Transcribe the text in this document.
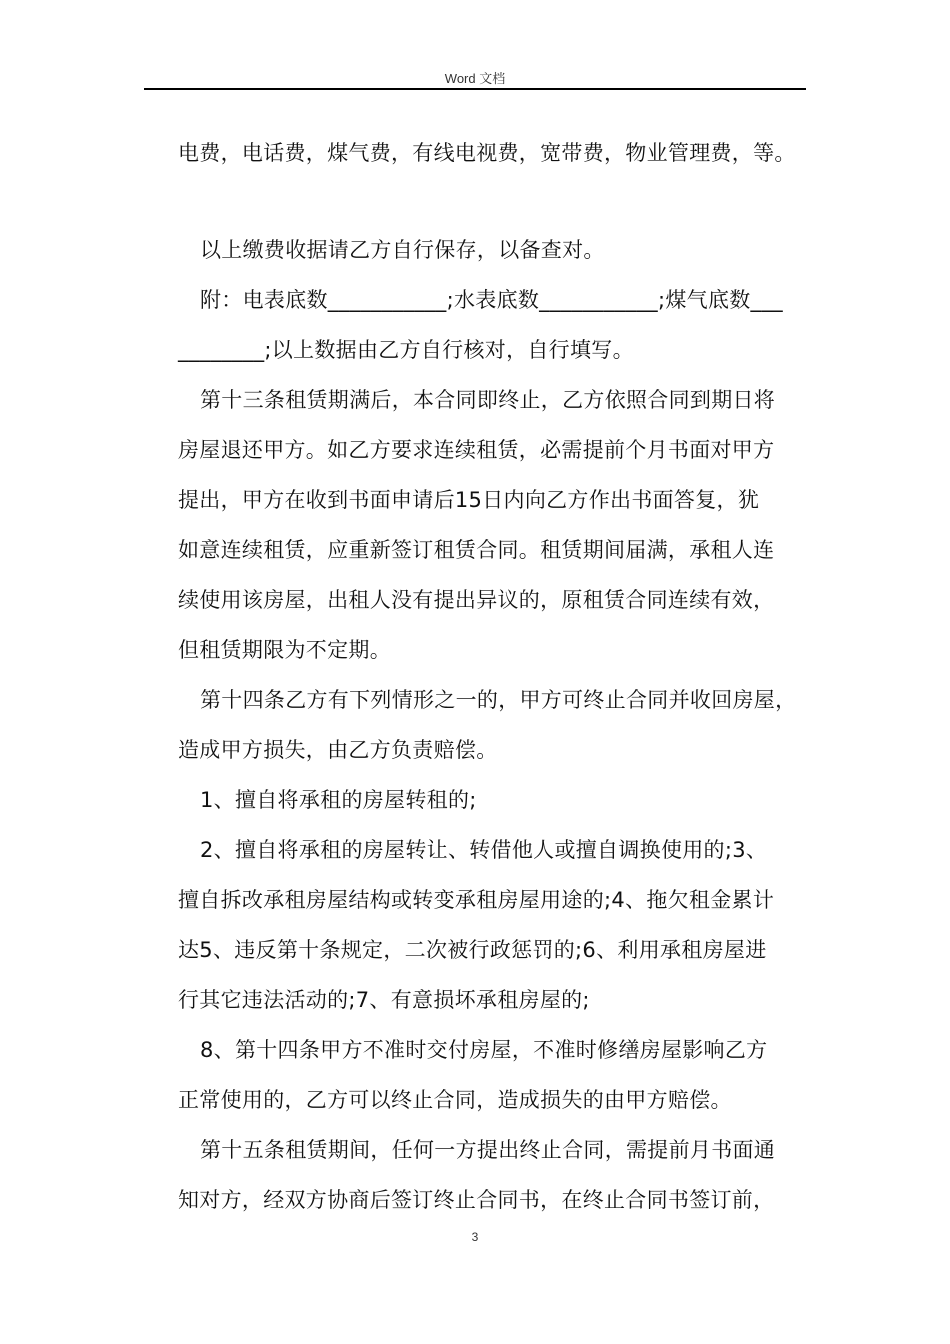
Word 文档
电费，电话费，煤气费，有线电视费，宽带费，物业管理费，等。
以上缴费收据请乙方自行保存，以备查对。
附：电表底数___________;水表底数___________;煤气底数___
________;以上数据由乙方自行核对，自行填写。
第十三条租赁期满后，本合同即终止，乙方依照合同到期日将
房屋退还甲方。如乙方要求连续租赁，必需提前个月书面对甲方
提出，甲方在收到书面申请后15日内向乙方作出书面答复，犹
如意连续租赁，应重新签订租赁合同。租赁期间届满，承租人连
续使用该房屋，出租人没有提出异议的，原租赁合同连续有效，
但租赁期限为不定期。
第十四条乙方有下列情形之一的，甲方可终止合同并收回房屋，
造成甲方损失，由乙方负责赔偿。
1、擅自将承租的房屋转租的;
2、擅自将承租的房屋转让、转借他人或擅自调换使用的;3、
擅自拆改承租房屋结构或转变承租房屋用途的;4、拖欠租金累计
达5、违反第十条规定，二次被行政惩罚的;6、利用承租房屋进
行其它违法活动的;7、有意损坏承租房屋的;
8、第十四条甲方不准时交付房屋，不准时修缮房屋影响乙方
正常使用的，乙方可以终止合同，造成损失的由甲方赔偿。
第十五条租赁期间，任何一方提出终止合同，需提前月书面通
知对方，经双方协商后签订终止合同书，在终止合同书签订前，
3
